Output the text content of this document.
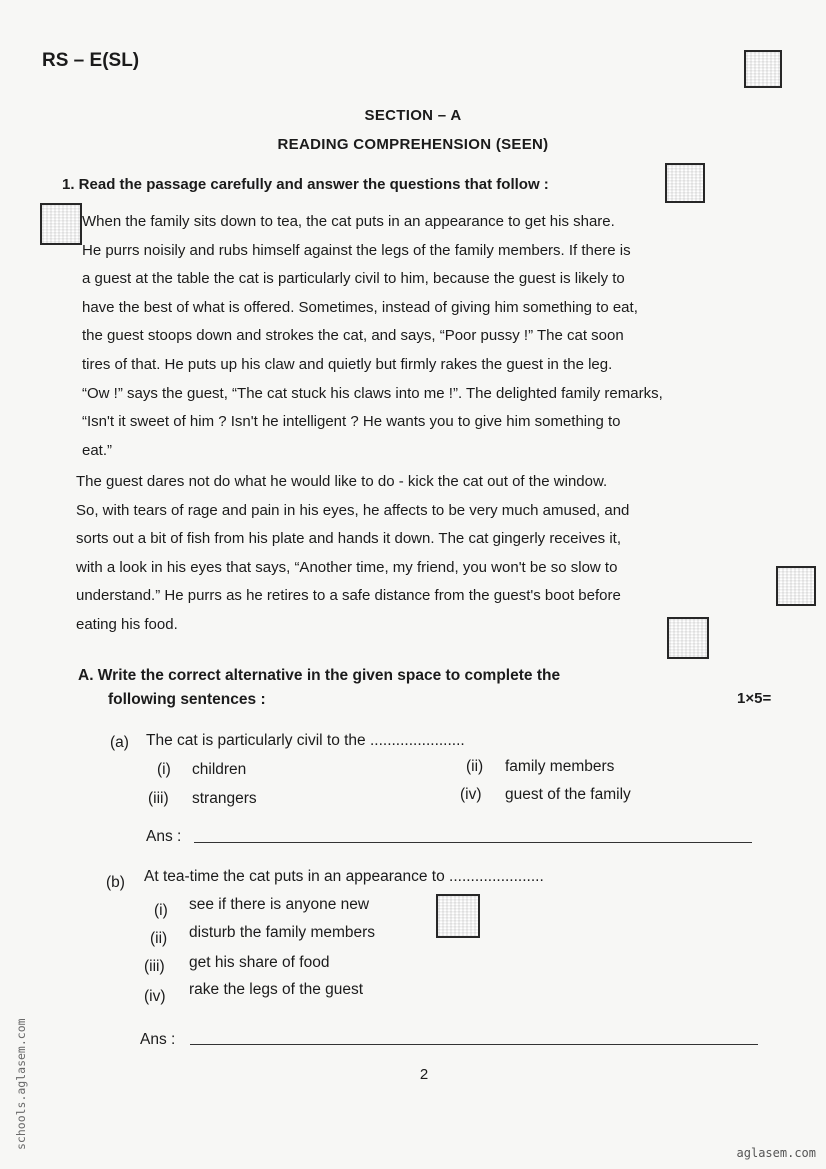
RS – E(SL)
SECTION – A
READING COMPREHENSION (SEEN)
1. Read the passage carefully and answer the questions that follow :

When the family sits down to tea, the cat puts in an appearance to get his share.

He purrs noisily and rubs himself against the legs of the family members. If there is

a guest at the table the cat is particularly civil to him, because the guest is likely to

have the best of what is offered. Sometimes, instead of giving him something to eat,

the guest stoops down and strokes the cat, and says, “Poor pussy !” The cat soon

tires of that. He puts up his claw and quietly but firmly rakes the guest in the leg.

“Ow !” says the guest, “The cat stuck his claws into me !”. The delighted family remarks,

“Isn't it sweet of him ? Isn't he intelligent ? He wants you to give him something to

eat.”

The guest dares not do what he would like to do - kick the cat out of the window.

So, with tears of rage and pain in his eyes, he affects to be very much amused, and

sorts out a bit of fish from his plate and hands it down. The cat gingerly receives it,

with a look in his eyes that says, “Another time, my friend, you won't be so slow to

understand.” He purrs as he retires to a safe distance from the guest's boot before

eating his food.

A. Write the correct alternative in the given space to complete the
following sentences :	1×5=
(a) The cat is particularly civil to the ......................
(i) children	(ii) family members
(iii) strangers	(iv) guest of the family
Ans :
(b) At tea-time the cat puts in an appearance to ......................
(i) see if there is anyone new
(ii) disturb the family members
(iii) get his share of food
(iv) rake the legs of the guest
Ans :
2
schools.aglasem.com
aglasem.com
